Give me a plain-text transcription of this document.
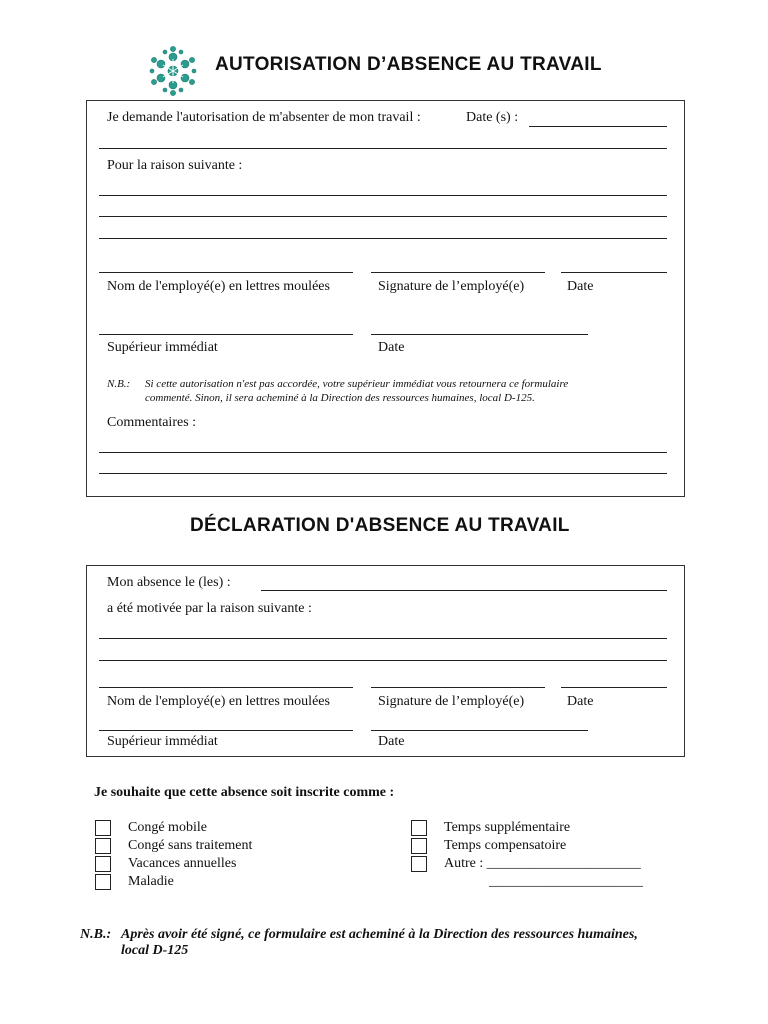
AUTORISATION D’ABSENCE AU TRAVAIL
Je demande l'autorisation de m'absenter de mon travail :	Date (s) :
Pour la raison suivante :
Nom de l'employé(e) en lettres moulées	Signature de l’employé(e)	Date
Supérieur immédiat	Date
N.B.: Si cette autorisation n'est pas accordée, votre supérieur immédiat vous retournera ce formulaire
commenté. Sinon, il sera acheminé à la Direction des ressources humaines, local D-125.
Commentaires :
DÉCLARATION D'ABSENCE AU TRAVAIL
Mon absence le (les) :
a été motivée par la raison suivante :
Nom de l'employé(e) en lettres moulées	Signature de l’employé(e)	Date
Supérieur immédiat	Date
Je souhaite que cette absence soit inscrite comme :
Congé mobile
Congé sans traitement
Vacances annuelles
Maladie
Temps supplémentaire
Temps compensatoire
Autre : ______________________
______________________
N.B.: Après avoir été signé, ce formulaire est acheminé à la Direction des ressources humaines,
local D-125
